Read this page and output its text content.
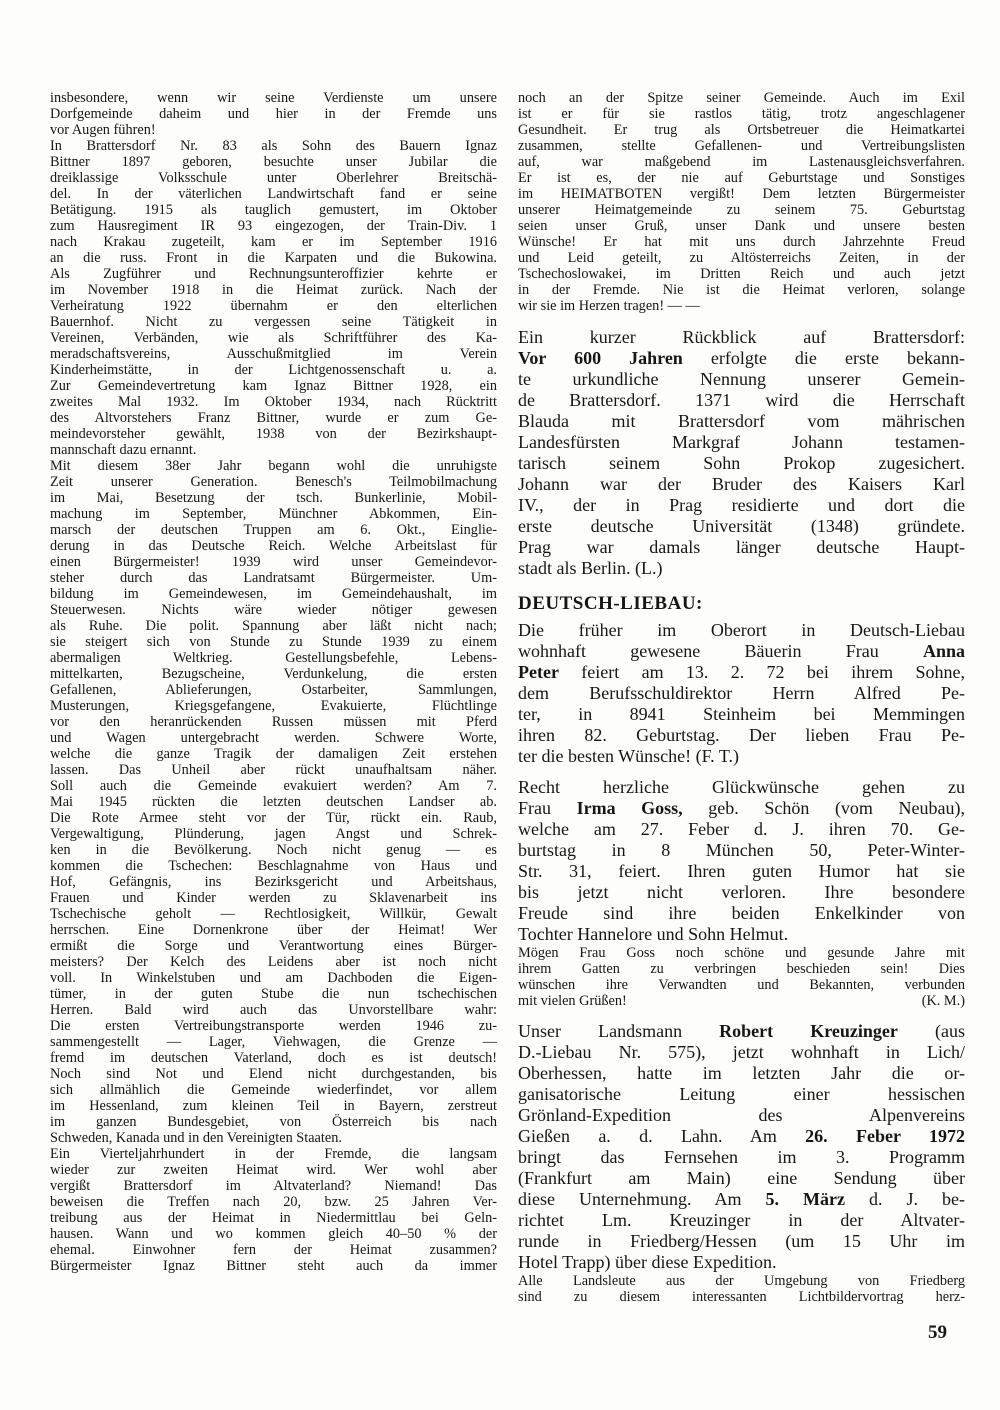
insbesondere, wenn wir seine Verdienste um unsere
Dorfgemeinde daheim und hier in der Fremde uns
vor Augen führen!
In Brattersdorf Nr. 83 als Sohn des Bauern Ignaz
Bittner 1897 geboren, besuchte unser Jubilar die
dreiklassige Volksschule unter Oberlehrer Breitschä-
del. In der väterlichen Landwirtschaft fand er seine
Betätigung. 1915 als tauglich gemustert, im Oktober
zum Hausregiment IR 93 eingezogen, der Train-Div. 1
nach Krakau zugeteilt, kam er im September 1916
an die russ. Front in die Karpaten und die Bukowina.
Als Zugführer und Rechnungsunteroffizier kehrte er
im November 1918 in die Heimat zurück. Nach der
Verheiratung 1922 übernahm er den elterlichen
Bauernhof. Nicht zu vergessen seine Tätigkeit in
Vereinen, Verbänden, wie als Schriftführer des Ka-
meradschaftsvereins, Ausschußmitglied im Verein
Kinderheimstätte, in der Lichtgenossenschaft u. a.
Zur Gemeindevertretung kam Ignaz Bittner 1928, ein
zweites Mal 1932. Im Oktober 1934, nach Rücktritt
des Altvorstehers Franz Bittner, wurde er zum Ge-
meindevorsteher gewählt, 1938 von der Bezirkshaupt-
mannschaft dazu ernannt.
Mit diesem 38er Jahr begann wohl die unruhigste
Zeit unserer Generation. Benesch's Teilmobilmachung
im Mai, Besetzung der tsch. Bunkerlinie, Mobil-
machung im September, Münchner Abkommen, Ein-
marsch der deutschen Truppen am 6. Okt., Einglie-
derung in das Deutsche Reich. Welche Arbeitslast für
einen Bürgermeister! 1939 wird unser Gemeindevor-
steher durch das Landratsamt Bürgermeister. Um-
bildung im Gemeindewesen, im Gemeindehaushalt, im
Steuerwesen. Nichts wäre wieder nötiger gewesen
als Ruhe. Die polit. Spannung aber läßt nicht nach;
sie steigert sich von Stunde zu Stunde 1939 zu einem
abermaligen Weltkrieg. Gestellungsbefehle, Lebens-
mittelkarten, Bezugscheine, Verdunkelung, die ersten
Gefallenen, Ablieferungen, Ostarbeiter, Sammlungen,
Musterungen, Kriegsgefangene, Evakuierte, Flüchtlinge
vor den heranrückenden Russen müssen mit Pferd
und Wagen untergebracht werden. Schwere Worte,
welche die ganze Tragik der damaligen Zeit erstehen
lassen. Das Unheil aber rückt unaufhaltsam näher.
Soll auch die Gemeinde evakuiert werden? Am 7.
Mai 1945 rückten die letzten deutschen Landser ab.
Die Rote Armee steht vor der Tür, rückt ein. Raub,
Vergewaltigung, Plünderung, jagen Angst und Schrek-
ken in die Bevölkerung. Noch nicht genug — es
kommen die Tschechen: Beschlagnahme von Haus und
Hof, Gefängnis, ins Bezirksgericht und Arbeitshaus,
Frauen und Kinder werden zu Sklavenarbeit ins
Tschechische geholt — Rechtlosigkeit, Willkür, Gewalt
herrschen. Eine Dornenkrone über der Heimat! Wer
ermißt die Sorge und Verantwortung eines Bürger-
meisters? Der Kelch des Leidens aber ist noch nicht
voll. In Winkelstuben und am Dachboden die Eigen-
tümer, in der guten Stube die nun tschechischen
Herren. Bald wird auch das Unvorstellbare wahr:
Die ersten Vertreibungstransporte werden 1946 zu-
sammengestellt — Lager, Viehwagen, die Grenze —
fremd im deutschen Vaterland, doch es ist deutsch!
Noch sind Not und Elend nicht durchgestanden, bis
sich allmählich die Gemeinde wiederfindet, vor allem
im Hessenland, zum kleinen Teil in Bayern, zerstreut
im ganzen Bundesgebiet, von Österreich bis nach
Schweden, Kanada und in den Vereinigten Staaten.
Ein Vierteljahrhundert in der Fremde, die langsam
wieder zur zweiten Heimat wird. Wer wohl aber
vergißt Brattersdorf im Altvaterland? Niemand! Das
beweisen die Treffen nach 20, bzw. 25 Jahren Ver-
treibung aus der Heimat in Niedermittlau bei Geln-
hausen. Wann und wo kommen gleich 40–50 % der
ehemal. Einwohner fern der Heimat zusammen?
Bürgermeister Ignaz Bittner steht auch da immer
noch an der Spitze seiner Gemeinde. Auch im Exil
ist er für sie rastlos tätig, trotz angeschlagener
Gesundheit. Er trug als Ortsbetreuer die Heimatkartei
zusammen, stellte Gefallenen- und Vertreibungslisten
auf, war maßgebend im Lastenausgleichsverfahren.
Er ist es, der nie auf Geburtstage und Sonstiges
im HEIMATBOTEN vergißt! Dem letzten Bürgermeister
unserer Heimatgemeinde zu seinem 75. Geburtstag
seien unser Gruß, unser Dank und unsere besten
Wünsche! Er hat mit uns durch Jahrzehnte Freud
und Leid geteilt, zu Altösterreichs Zeiten, in der
Tschechoslowakei, im Dritten Reich und auch jetzt
in der Fremde. Nie ist die Heimat verloren, solange
wir sie im Herzen tragen! — —
Ein kurzer Rückblick auf Brattersdorf:
Vor 600 Jahren erfolgte die erste bekann-
te urkundliche Nennung unserer Gemein-
de Brattersdorf. 1371 wird die Herrschaft
Blauda mit Brattersdorf vom mährischen
Landesfürsten Markgraf Johann testamen-
tarisch seinem Sohn Prokop zugesichert.
Johann war der Bruder des Kaisers Karl
IV., der in Prag residierte und dort die
erste deutsche Universität (1348) gründete.
Prag war damals länger deutsche Haupt-
stadt als Berlin. (L.)
DEUTSCH-LIEBAU:
Die früher im Oberort in Deutsch-Liebau
wohnhaft gewesene Bäuerin Frau Anna
Peter feiert am 13. 2. 72 bei ihrem Sohne,
dem Berufsschuldirektor Herrn Alfred Pe-
ter, in 8941 Steinheim bei Memmingen
ihren 82. Geburtstag. Der lieben Frau Pe-
ter die besten Wünsche! (F. T.)
Recht herzliche Glückwünsche gehen zu
Frau Irma Goss, geb. Schön (vom Neubau),
welche am 27. Feber d. J. ihren 70. Ge-
burtstag in 8 München 50, Peter-Winter-
Str. 31, feiert. Ihren guten Humor hat sie
bis jetzt nicht verloren. Ihre besondere
Freude sind ihre beiden Enkelkinder von
Tochter Hannelore und Sohn Helmut.
Mögen Frau Goss noch schöne und gesunde Jahre mit
ihrem Gatten zu verbringen beschieden sein! Dies
wünschen ihre Verwandten und Bekannten, verbunden
mit vielen Grüßen!	(K. M.)
Unser Landsmann Robert Kreuzinger (aus
D.-Liebau Nr. 575), jetzt wohnhaft in Lich/
Oberhessen, hatte im letzten Jahr die or-
ganisatorische Leitung einer hessischen
Grönland-Expedition des Alpenvereins
Gießen a. d. Lahn. Am 26. Feber 1972
bringt das Fernsehen im 3. Programm
(Frankfurt am Main) eine Sendung über
diese Unternehmung. Am 5. März d. J. be-
richtet Lm. Kreuzinger in der Altvater-
runde in Friedberg/Hessen (um 15 Uhr im
Hotel Trapp) über diese Expedition.
Alle Landsleute aus der Umgebung von Friedberg
sind zu diesem interessanten Lichtbildervortrag herz-
59
